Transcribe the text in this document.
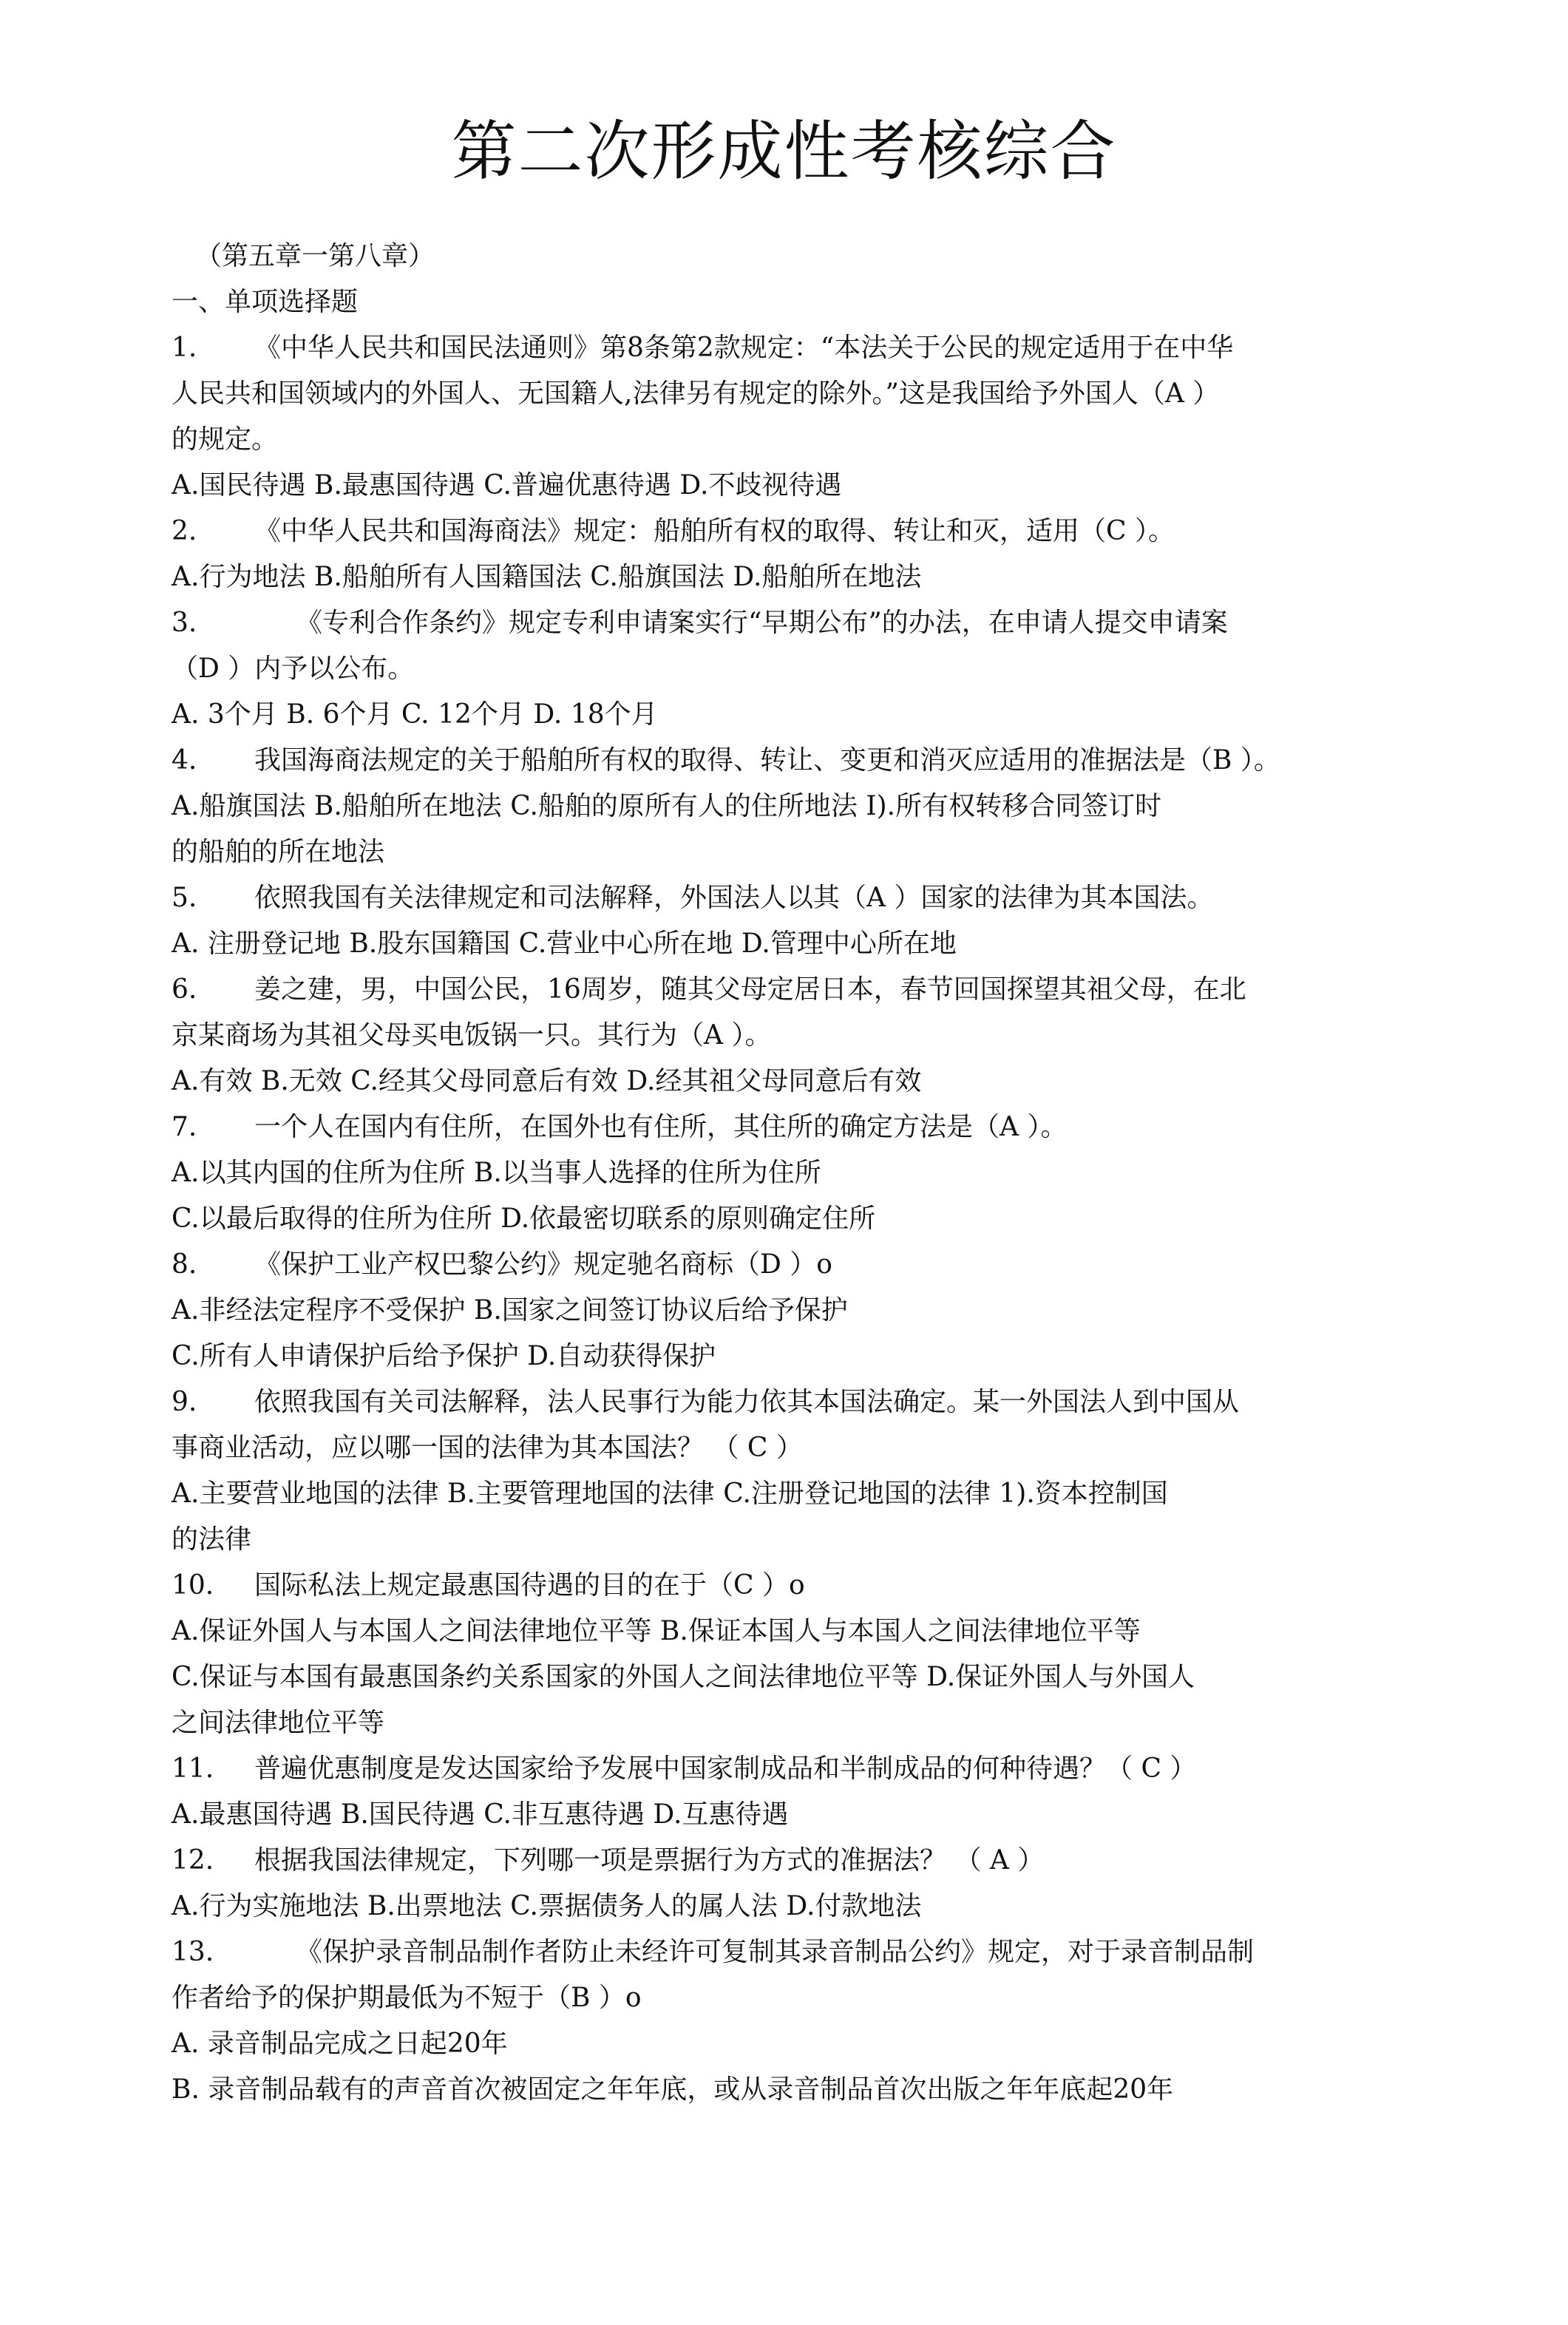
第二次形成性考核综合
（第五章一第八章）
一、单项选择题
1. 《中华人民共和国民法通则》第8条第2款规定：“本法关于公民的规定适用于在中华
人民共和国领域内的外国人、无国籍人,法律另有规定的除外。”这是我国给予外国人（A ）
的规定。
A.国民待遇 B.最惠国待遇 C.普遍优惠待遇 D.不歧视待遇
2. 《中华人民共和国海商法》规定：船舶所有权的取得、转让和灭，适用（C ）。
A.行为地法 B.船舶所有人国籍国法 C.船旗国法 D.船舶所在地法
3.	《专利合作条约》规定专利申请案实行“早期公布”的办法，在申请人提交申请案
（D ）内予以公布。
A. 3个月 B. 6个月 C. 12个月 D. 18个月
4. 我国海商法规定的关于船舶所有权的取得、转让、变更和消灭应适用的准据法是（B ）。
A.船旗国法 B.船舶所在地法 C.船舶的原所有人的住所地法 I).所有权转移合同签订时
的船舶的所在地法
5. 依照我国有关法律规定和司法解释，外国法人以其（A ）国家的法律为其本国法。
A. 注册登记地 B.股东国籍国 C.营业中心所在地 D.管理中心所在地
6. 姜之建，男，中国公民，16周岁，随其父母定居日本，春节回国探望其祖父母，在北
京某商场为其祖父母买电饭锅一只。其行为（A ）。
A.有效 B.无效 C.经其父母同意后有效 D.经其祖父母同意后有效
7. 一个人在国内有住所，在国外也有住所，其住所的确定方法是（A ）。
A.以其内国的住所为住所 B.以当事人选择的住所为住所
C.以最后取得的住所为住所 D.依最密切联系的原则确定住所
8. 《保护工业产权巴黎公约》规定驰名商标（D ）o
A.非经法定程序不受保护 B.国家之间签订协议后给予保护
C.所有人申请保护后给予保护 D.自动获得保护
9. 依照我国有关司法解释，法人民事行为能力依其本国法确定。某一外国法人到中国从
事商业活动，应以哪一国的法律为其本国法？ （ C ）
A.主要营业地国的法律 B.主要管理地国的法律 C.注册登记地国的法律 1).资本控制国
的法律
10. 国际私法上规定最惠国待遇的目的在于（C ）o
A.保证外国人与本国人之间法律地位平等 B.保证本国人与本国人之间法律地位平等
C.保证与本国有最惠国条约关系国家的外国人之间法律地位平等 D.保证外国人与外国人
之间法律地位平等
11. 普遍优惠制度是发达国家给予发展中国家制成品和半制成品的何种待遇？（ C ）
A.最惠国待遇 B.国民待遇 C.非互惠待遇 D.互惠待遇
12. 根据我国法律规定，下列哪一项是票据行为方式的准据法？ （ A ）
A.行为实施地法 B.出票地法 C.票据债务人的属人法 D.付款地法
13.	《保护录音制品制作者防止未经许可复制其录音制品公约》规定，对于录音制品制
作者给予的保护期最低为不短于（B ）o
A. 录音制品完成之日起20年
B. 录音制品载有的声音首次被固定之年年底，或从录音制品首次出版之年年底起20年
